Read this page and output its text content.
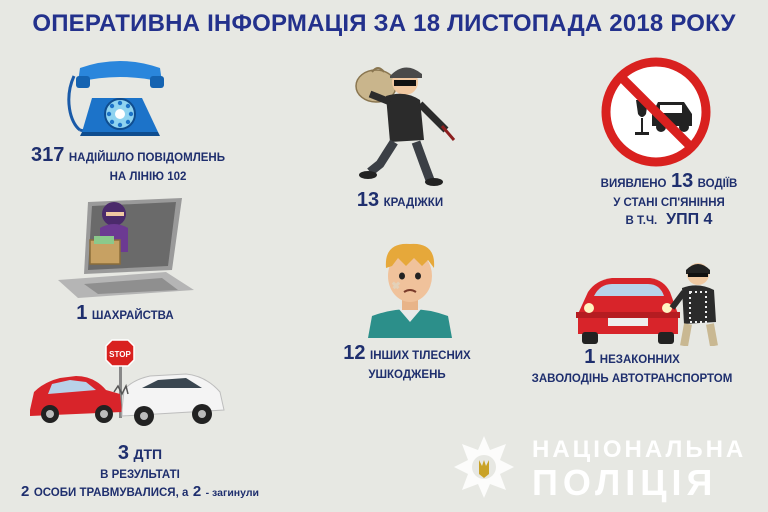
ОПЕРАТИВНА ІНФОРМАЦІЯ ЗА 18 ЛИСТОПАДА 2018 РОКУ
317 НАДІЙШЛО ПОВІДОМЛЕНЬ
НА ЛІНІЮ 102
13 КРАДІЖКИ
ВИЯВЛЕНО 13 ВОДІЇВ
У СТАНІ СП'ЯНІННЯ
В Т.Ч. УПП 4
1 ШАХРАЙСТВА
12 ІНШИХ ТІЛЕСНИХ
УШКОДЖЕНЬ
1 НЕЗАКОННИХ
ЗАВОЛОДІНЬ АВТОТРАНСПОРТОМ
STOP
3 ДТП
В РЕЗУЛЬТАТІ
2 ОСОБИ ТРАВМУВАЛИСЯ, а 2 - загинули
НАЦІОНАЛЬНА
ПОЛІЦІЯ
